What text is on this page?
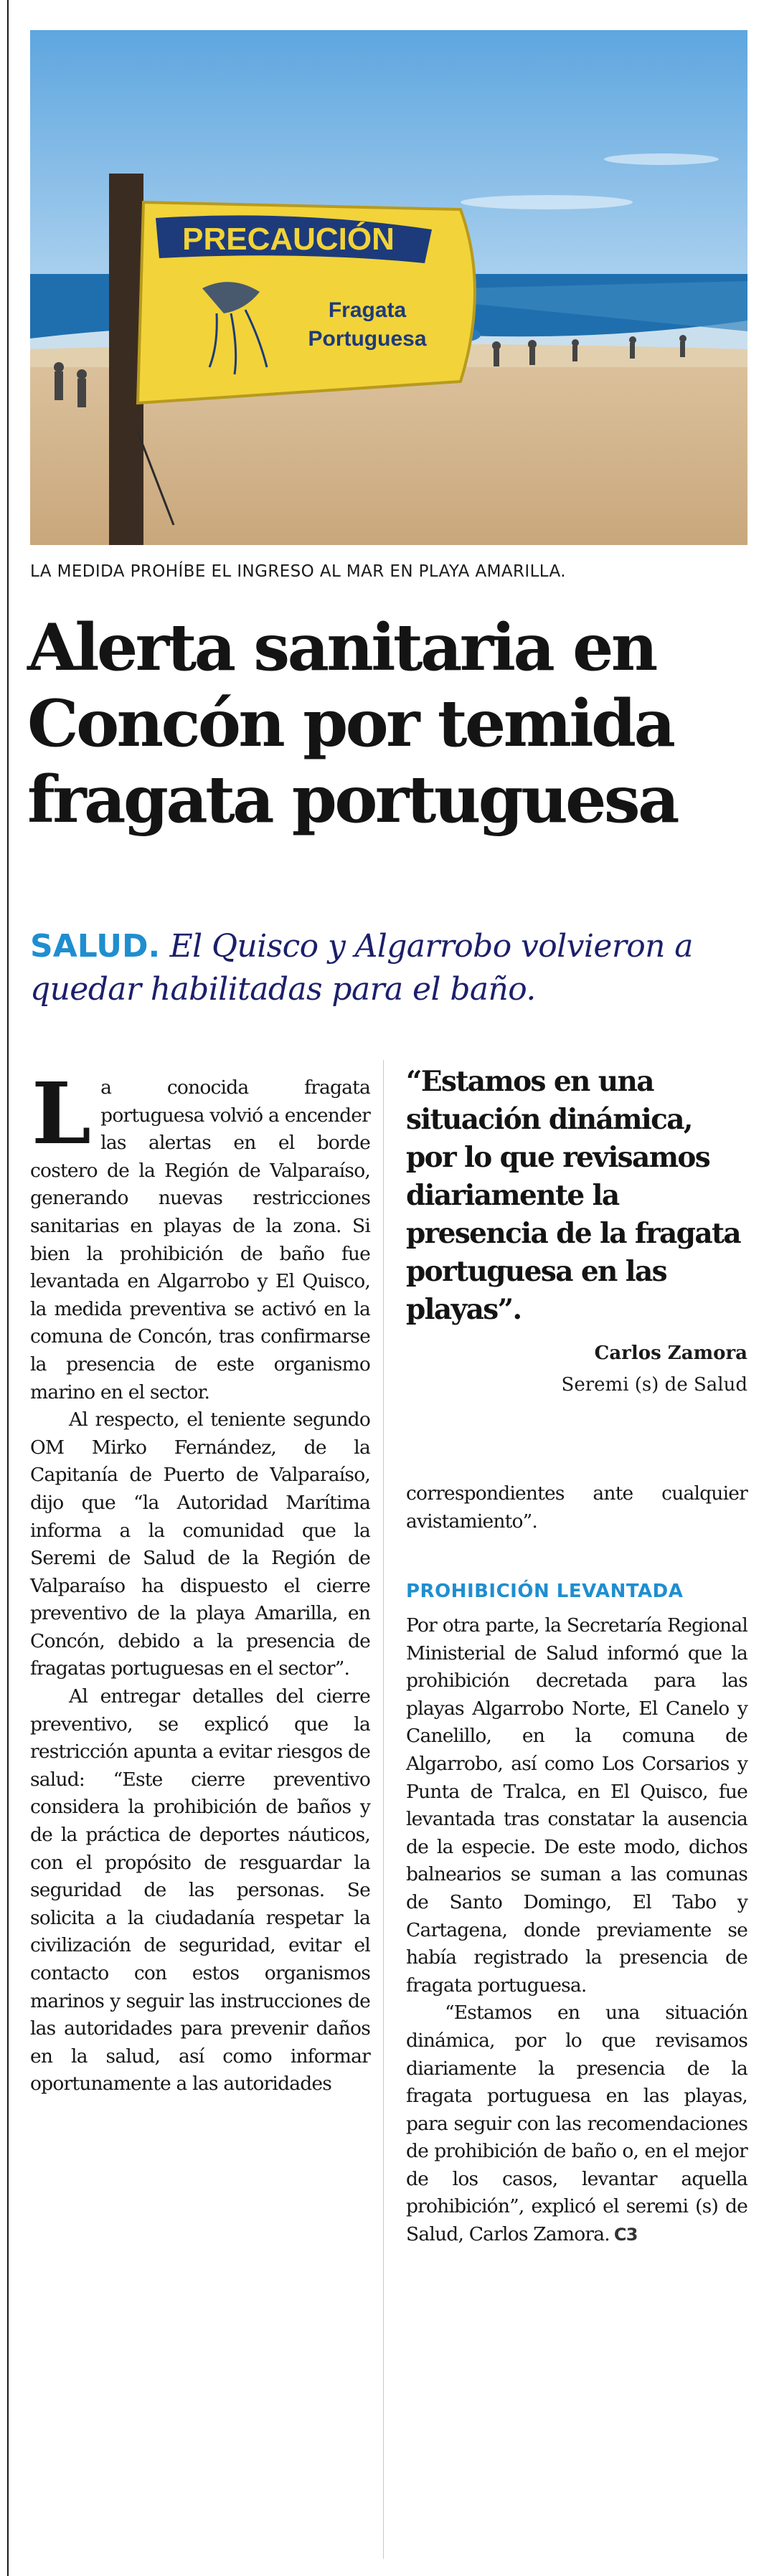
PRECAUCIÓN
Fragata
Portuguesa
LA MEDIDA PROHÍBE EL INGRESO AL MAR EN PLAYA AMARILLA.
Alerta sanitaria en Concón por temida fragata portuguesa
SALUD. El Quisco y Algarrobo volvieron a quedar habilitadas para el baño.

La conocida fragata portuguesa volvió a encender las alertas en el borde costero de la Región de Valparaíso, generando nuevas restricciones sanitarias en playas de la zona. Si bien la prohibición de baño fue levantada en Algarrobo y El Quisco, la medida preventiva se activó en la comuna de Concón, tras confirmarse la presencia de este organismo marino en el sector.

Al respecto, el teniente segundo OM Mirko Fernández, de la Capitanía de Puerto de Valparaíso, dijo que “la Autoridad Marítima informa a la comunidad que la Seremi de Salud de la Región de Valparaíso ha dispuesto el cierre preventivo de la playa Amarilla, en Concón, debido a la presencia de fragatas portuguesas en el sector”.

Al entregar detalles del cierre preventivo, se explicó que la restricción apunta a evitar riesgos de salud: “Este cierre preventivo considera la prohibición de baños y de la práctica de deportes náuticos, con el propósito de resguardar la seguridad de las personas. Se solicita a la ciudadanía respetar la civilización de seguridad, evitar el contacto con estos organismos marinos y seguir las instrucciones de las autoridades para prevenir daños en la salud, así como informar oportunamente a las autoridades

“Estamos en una situación dinámica, por lo que revisamos diariamente la presencia de la fragata portuguesa en las playas”.
Carlos Zamora
Seremi (s) de Salud

correspondientes ante cualquier avistamiento”.

PROHIBICIÓN LEVANTADA

Por otra parte, la Secretaría Regional Ministerial de Salud informó que la prohibición decretada para las playas Algarrobo Norte, El Canelo y Canelillo, en la comuna de Algarrobo, así como Los Corsarios y Punta de Tralca, en El Quisco, fue levantada tras constatar la ausencia de la especie. De este modo, dichos balnearios se suman a las comunas de Santo Domingo, El Tabo y Cartagena, donde previamente se había registrado la presencia de fragata portuguesa.

“Estamos en una situación dinámica, por lo que revisamos diariamente la presencia de la fragata portuguesa en las playas, para seguir con las recomendaciones de prohibición de baño o, en el mejor de los casos, levantar aquella prohibición”, explicó el seremi (s) de Salud, Carlos Zamora. C3
